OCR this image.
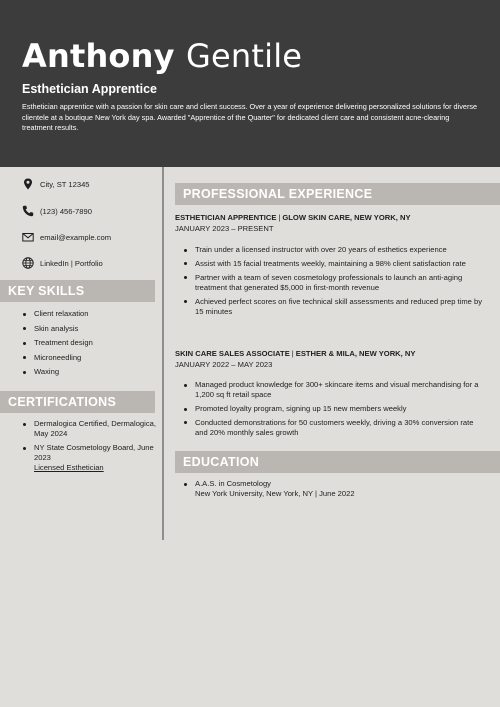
Anthony Gentile

Esthetician Apprentice

Esthetician apprentice with a passion for skin care and client success. Over a year of experience delivering personalized solutions for diverse clientele at a boutique New York day spa. Awarded "Apprentice of the Quarter" for dedicated client care and consistent acne-clearing treatment results.

City, ST 12345
(123) 456-7890
email@example.com
LinkedIn | Portfolio
KEY SKILLS
Client relaxation
Skin analysis
Treatment design
Microneedling
Waxing
CERTIFICATIONS
Dermalogica Certified, Dermalogica, May 2024
NY State Cosmetology Board, June 2023
Licensed Esthetician
PROFESSIONAL EXPERIENCE

ESTHETICIAN APPRENTICE | GLOW SKIN CARE, NEW YORK, NY

JANUARY 2023 – PRESENT

Train under a licensed instructor with over 20 years of esthetics experience
Assist with 15 facial treatments weekly, maintaining a 98% client satisfaction rate
Partner with a team of seven cosmetology professionals to launch an anti-aging treatment that generated $5,000 in first-month revenue
Achieved perfect scores on five technical skill assessments and reduced prep time by 15 minutes

SKIN CARE SALES ASSOCIATE | ESTHER & MILA, NEW YORK, NY

JANUARY 2022 – MAY 2023

Managed product knowledge for 300+ skincare items and visual merchandising for a 1,200 sq ft retail space
Promoted loyalty program, signing up 15 new members weekly
Conducted demonstrations for 50 customers weekly, driving a 30% conversion rate and 20% monthly sales growth
EDUCATION
A.A.S. in Cosmetology
New York University, New York, NY | June 2022
